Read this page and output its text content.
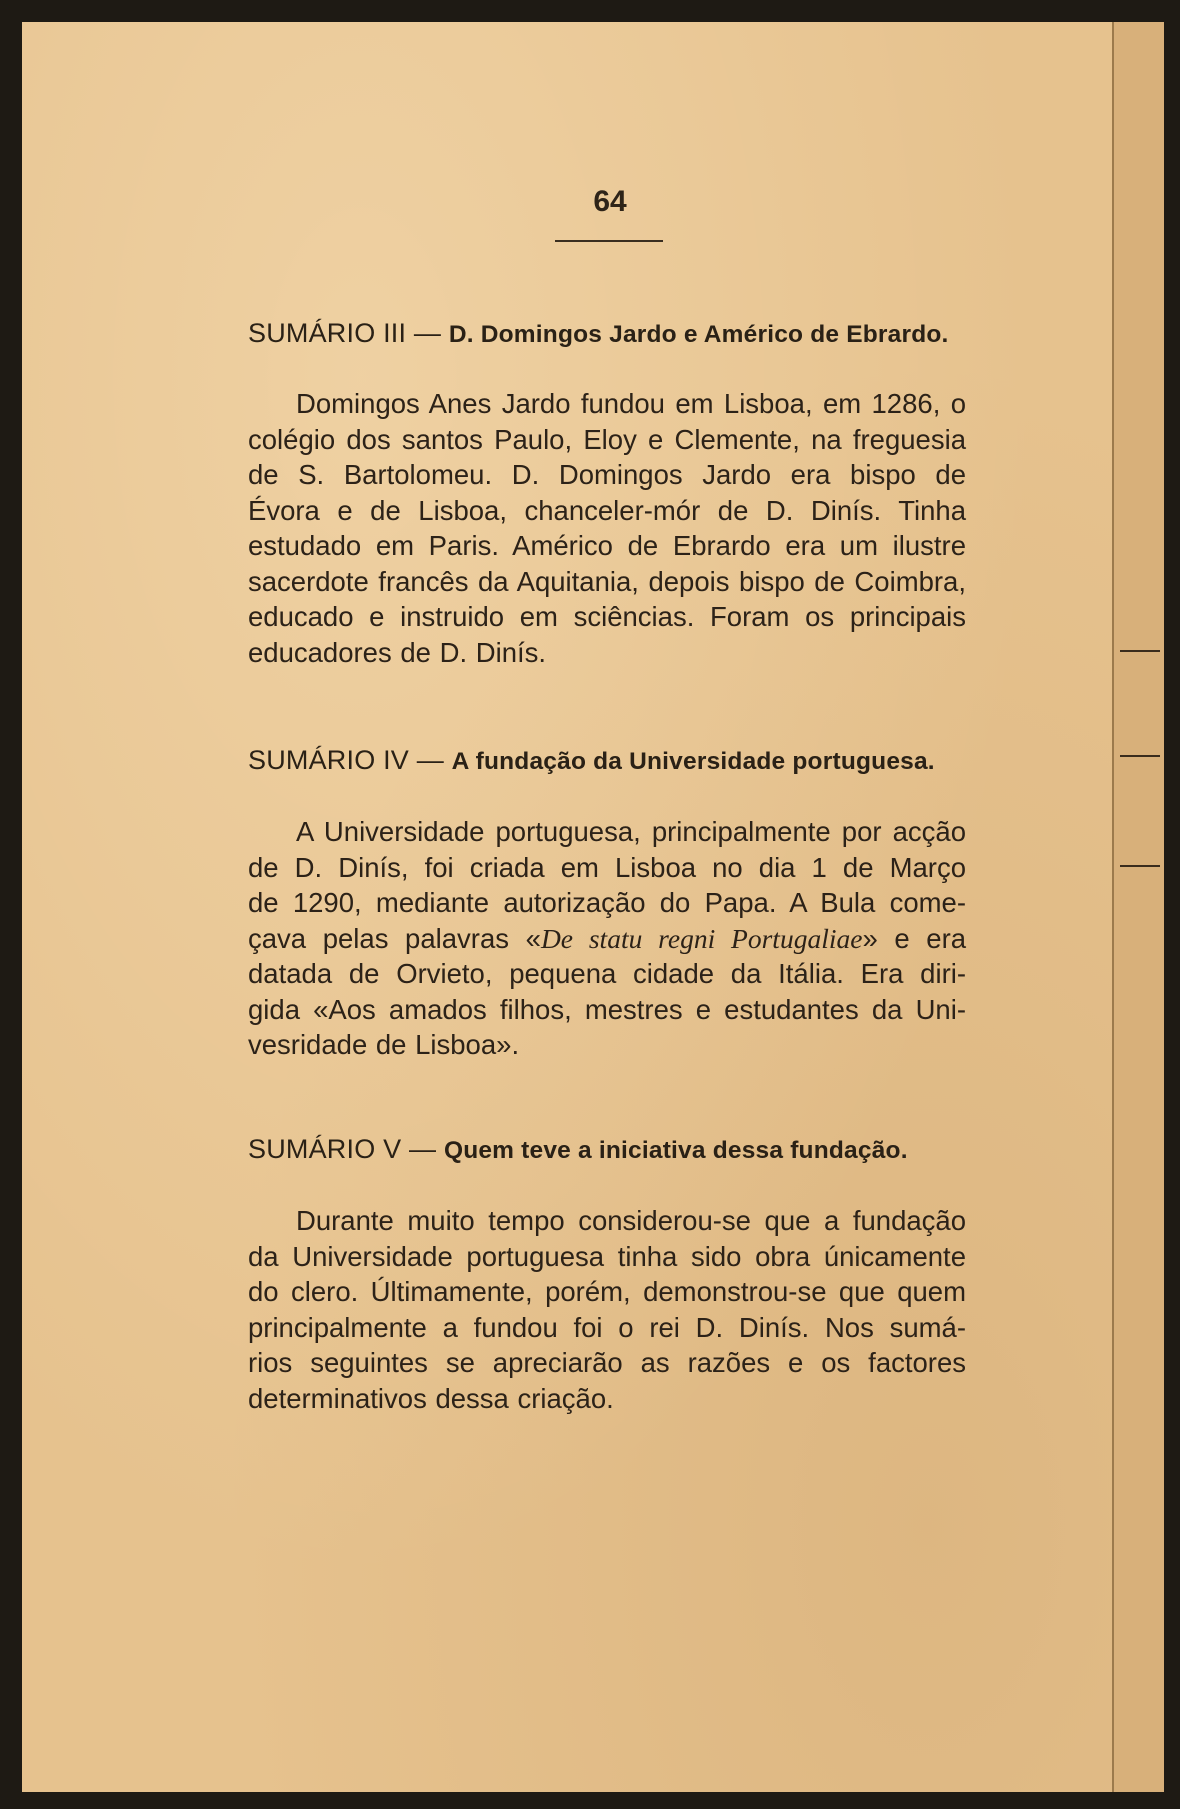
64
SUMÁRIO III — D. Domingos Jardo e Américo de Ebrardo.
Domingos Anes Jardo fundou em Lisboa, em 1286, o
colégio dos santos Paulo, Eloy e Clemente, na freguesia
de S. Bartolomeu. D. Domingos Jardo era bispo de
Évora e de Lisboa, chanceler-mór de D. Dinís. Tinha
estudado em Paris. Américo de Ebrardo era um ilustre
sacerdote francês da Aquitania, depois bispo de Coimbra,
educado e instruido em sciências. Foram os principais
educadores de D. Dinís.
SUMÁRIO IV — A fundação da Universidade portuguesa.
A Universidade portuguesa, principalmente por acção
de D. Dinís, foi criada em Lisboa no dia 1 de Março
de 1290, mediante autorização do Papa. A Bula come-
çava pelas palavras «De statu regni Portugaliae» e era
datada de Orvieto, pequena cidade da Itália. Era diri-
gida «Aos amados filhos, mestres e estudantes da Uni-
vesridade de Lisboa».
SUMÁRIO V — Quem teve a iniciativa dessa fundação.
Durante muito tempo considerou-se que a fundação
da Universidade portuguesa tinha sido obra únicamente
do clero. Últimamente, porém, demonstrou-se que quem
principalmente a fundou foi o rei D. Dinís. Nos sumá-
rios seguintes se apreciarão as razões e os factores
determinativos dessa criação.
